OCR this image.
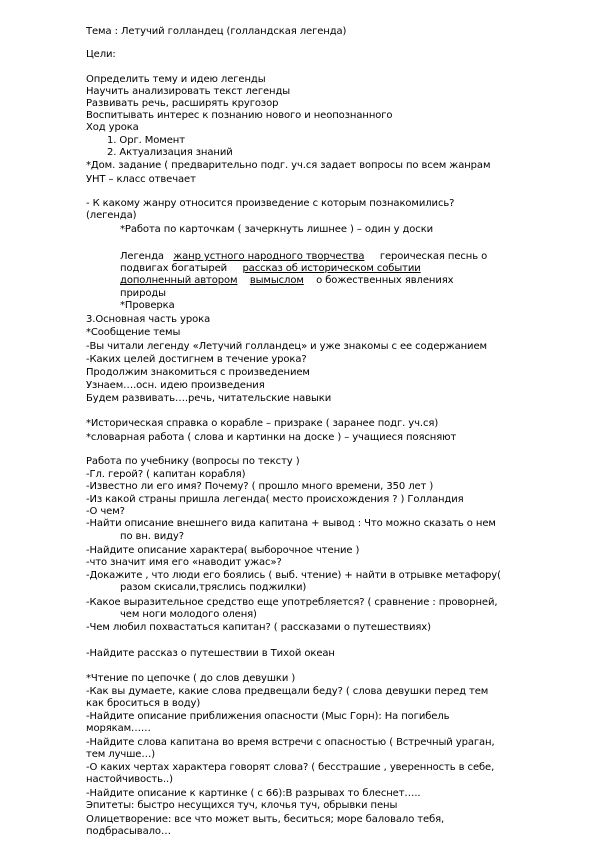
Тема : Летучий голландец (голландская легенда)
Цели:
Определить тему и идею легенды
Научить анализировать текст легенды
Развивать речь, расширять кругозор
Воспитывать интерес к познанию нового и неопознанного
Ход урока
1. Орг. Момент
2. Актуализация знаний
*Дом. задание ( предварительно подг. уч.ся задает вопросы по всем жанрам
УНТ – класс отвечает
- К какому жанру относится произведение с которым познакомились?
(легенда)
*Работа по карточкам ( зачеркнуть лишнее ) – один у доски
Легенда жанр устного народного творчества героическая песнь о
подвигах богатырей рассказ об историческом событии
дополненный автором вымыслом о божественных явлениях
природы
*Проверка
3.Основная часть урока
*Сообщение темы
-Вы читали легенду «Летучий голландец» и уже знакомы с ее содержанием
-Каких целей достигнем в течение урока?
Продолжим знакомиться с произведением
Узнаем….осн. идею произведения
Будем развивать….речь, читательские навыки
*Историческая справка о корабле – призраке ( заранее подг. уч.ся)
*словарная работа ( слова и картинки на доске ) – учащиеся поясняют
Работа по учебнику (вопросы по тексту )
-Гл. герой? ( капитан корабля)
-Известно ли его имя? Почему? ( прошло много времени, 350 лет )
-Из какой страны пришла легенда( место происхождения ? ) Голландия
-О чем?
-Найти описание внешнего вида капитана + вывод : Что можно сказать о нем
по вн. виду?
-Найдите описание характера( выборочное чтение )
-что значит имя его «наводит ужас»?
-Докажите , что люди его боялись ( выб. чтение) + найти в отрывке метафору(
разом скисали,тряслись поджилки)
-Какое выразительное средство еще употребляется? ( сравнение : проворней,
чем ноги молодого оленя)
-Чем любил похвастаться капитан? ( рассказами о путешествиях)
-Найдите рассказ о путешествии в Тихой океан
*Чтение по цепочке ( до слов девушки )
-Как вы думаете, какие слова предвещали беду? ( слова девушки перед тем
как броситься в воду)
-Найдите описание приближения опасности (Мыс Горн): На погибель
морякам……
-Найдите слова капитана во время встречи с опасностью ( Встречный ураган,
тем лучше…)
-О каких чертах характера говорят слова? ( бесстрашие , уверенность в себе,
настойчивость..)
-Найдите описание к картинке ( с 66):В разрывах то блеснет…..
Эпитеты: быстро несущихся туч, клочья туч, обрывки пены
Олицетворение: все что может выть, беситься; море баловало тебя,
подбрасывало…
